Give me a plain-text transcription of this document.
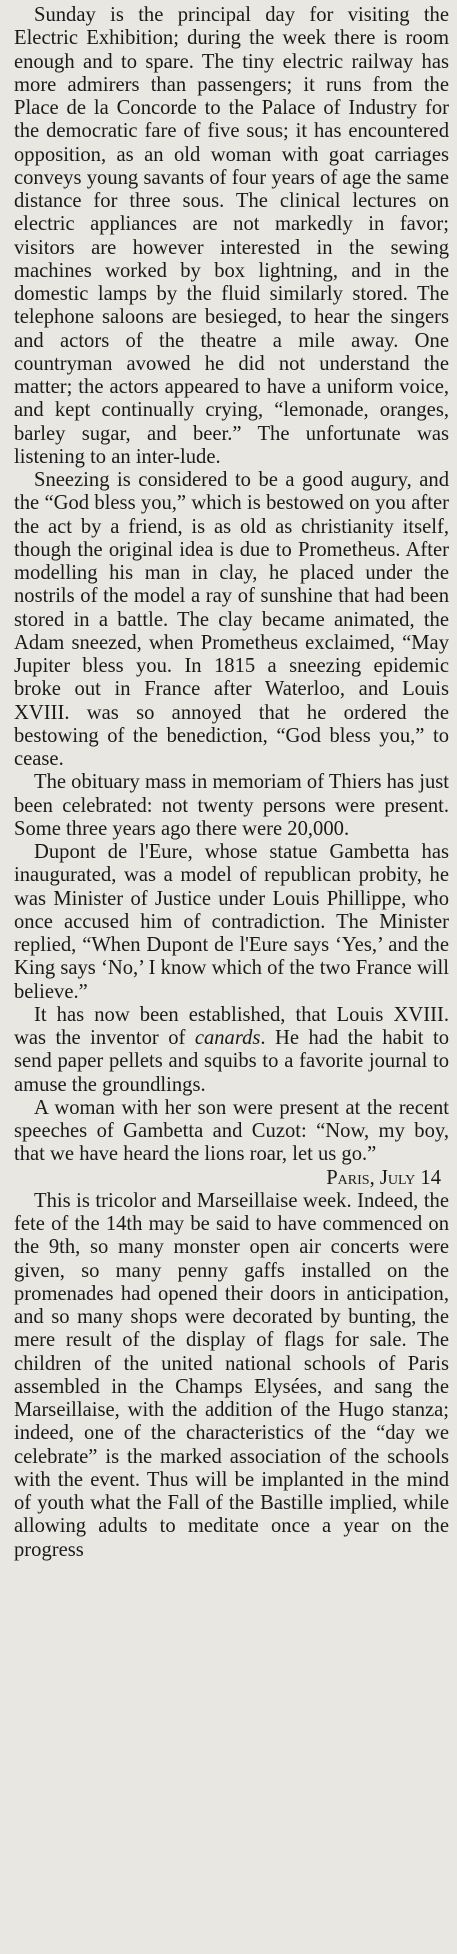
Sunday is the principal day for visiting the Electric Exhibition; during the week there is room enough and to spare. The tiny electric railway has more admirers than passengers; it runs from the Place de la Concorde to the Palace of Industry for the democratic fare of five sous; it has encountered opposition, as an old woman with goat carriages conveys young savants of four years of age the same distance for three sous. The clinical lectures on electric appliances are not markedly in favor; visitors are however interested in the sewing machines worked by box lightning, and in the domestic lamps by the fluid similarly stored. The telephone saloons are besieged, to hear the singers and actors of the theatre a mile away. One countryman avowed he did not understand the matter; the actors appeared to have a uniform voice, and kept continually crying, “lemonade, oranges, barley sugar, and beer.” The unfortunate was listening to an inter-lude.

Sneezing is considered to be a good augury, and the “God bless you,” which is bestowed on you after the act by a friend, is as old as christianity itself, though the original idea is due to Prometheus. After modelling his man in clay, he placed under the nostrils of the model a ray of sunshine that had been stored in a battle. The clay became animated, the Adam sneezed, when Prometheus exclaimed, “May Jupiter bless you. In 1815 a sneezing epidemic broke out in France after Waterloo, and Louis XVIII. was so annoyed that he ordered the bestowing of the benediction, “God bless you,” to cease.

The obituary mass in memoriam of Thiers has just been celebrated: not twenty persons were present. Some three years ago there were 20,000.

Dupont de l'Eure, whose statue Gambetta has inaugurated, was a model of republican probity, he was Minister of Justice under Louis Phillippe, who once accused him of contradiction. The Minister replied, “When Dupont de l'Eure says ‘Yes,’ and the King says ‘No,’ I know which of the two France will believe.”

It has now been established, that Louis XVIII. was the inventor of canards. He had the habit to send paper pellets and squibs to a favorite journal to amuse the groundlings.

A woman with her son were present at the recent speeches of Gambetta and Cuzot: “Now, my boy, that we have heard the lions roar, let us go.”

Paris, July 14

This is tricolor and Marseillaise week. Indeed, the fete of the 14th may be said to have commenced on the 9th, so many monster open air concerts were given, so many penny gaffs installed on the promenades had opened their doors in anticipation, and so many shops were decorated by bunting, the mere result of the display of flags for sale. The children of the united national schools of Paris assembled in the Champs Elysées, and sang the Marseillaise, with the addition of the Hugo stanza; indeed, one of the characteristics of the “day we celebrate” is the marked association of the schools with the event. Thus will be implanted in the mind of youth what the Fall of the Bastille implied, while allowing adults to meditate once a year on the progress
